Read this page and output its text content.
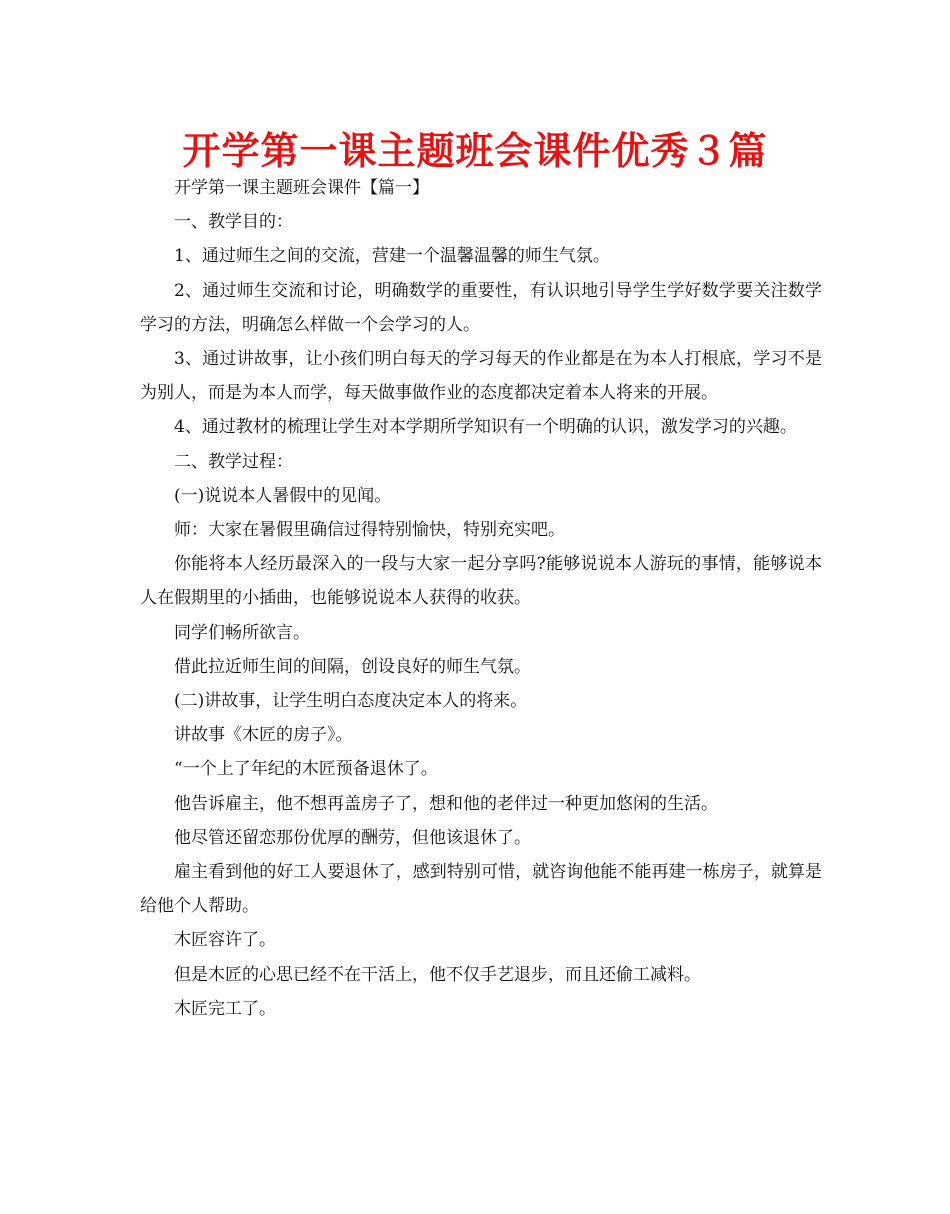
开学第一课主题班会课件优秀３篇

开学第一课主题班会课件【篇一】

一、教学目的：

1、通过师生之间的交流，营建一个温馨温馨的师生气氛。

2、通过师生交流和讨论，明确数学的重要性，有认识地引导学生学好数学要关注数学学习的方法，明确怎么样做一个会学习的人。

3、通过讲故事，让小孩们明白每天的学习每天的作业都是在为本人打根底，学习不是为别人，而是为本人而学，每天做事做作业的态度都决定着本人将来的开展。

4、通过教材的梳理让学生对本学期所学知识有一个明确的认识，激发学习的兴趣。

二、教学过程：

(一)说说本人暑假中的见闻。

师：大家在暑假里确信过得特别愉快，特别充实吧。

你能将本人经历最深入的一段与大家一起分享吗?能够说说本人游玩的事情，能够说本人在假期里的小插曲，也能够说说本人获得的收获。

同学们畅所欲言。

借此拉近师生间的间隔，创设良好的师生气氛。

(二)讲故事，让学生明白态度决定本人的将来。

讲故事《木匠的房子》。

“一个上了年纪的木匠预备退休了。

他告诉雇主，他不想再盖房子了，想和他的老伴过一种更加悠闲的生活。

他尽管还留恋那份优厚的酬劳，但他该退休了。

雇主看到他的好工人要退休了，感到特别可惜，就咨询他能不能再建一栋房子，就算是给他个人帮助。

木匠容许了。

但是木匠的心思已经不在干活上，他不仅手艺退步，而且还偷工减料。

木匠完工了。
